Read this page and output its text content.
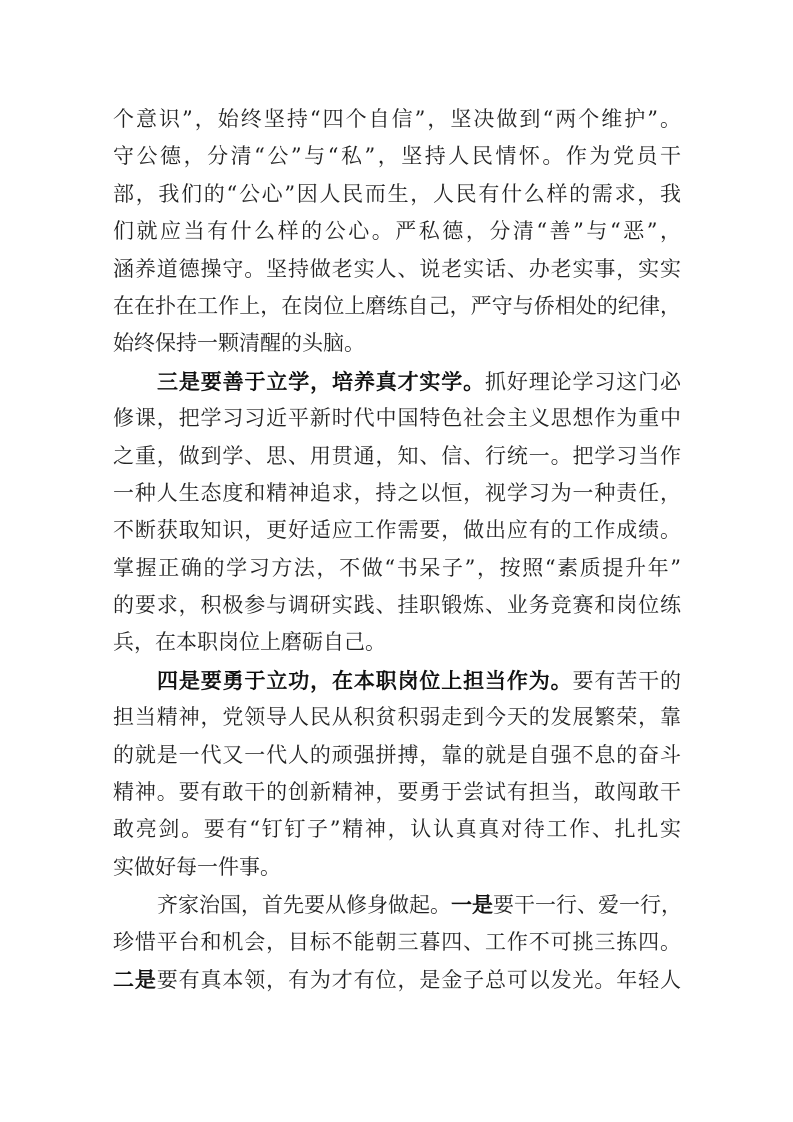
个意识”，始终坚持“四个自信”，坚决做到“两个维护”。
守公德，分清“公”与“私”，坚持人民情怀。作为党员干
部，我们的“公心”因人民而生，人民有什么样的需求，我
们就应当有什么样的公心。严私德，分清“善”与“恶”，
涵养道德操守。坚持做老实人、说老实话、办老实事，实实
在在扑在工作上，在岗位上磨练自己，严守与侨相处的纪律，
始终保持一颗清醒的头脑。
三是要善于立学，培养真才实学。抓好理论学习这门必
修课，把学习习近平新时代中国特色社会主义思想作为重中
之重，做到学、思、用贯通，知、信、行统一。把学习当作
一种人生态度和精神追求，持之以恒，视学习为一种责任，
不断获取知识，更好适应工作需要，做出应有的工作成绩。
掌握正确的学习方法，不做“书呆子”，按照“素质提升年”
的要求，积极参与调研实践、挂职锻炼、业务竞赛和岗位练
兵，在本职岗位上磨砺自己。
四是要勇于立功，在本职岗位上担当作为。要有苦干的
担当精神，党领导人民从积贫积弱走到今天的发展繁荣，靠
的就是一代又一代人的顽强拼搏，靠的就是自强不息的奋斗
精神。要有敢干的创新精神，要勇于尝试有担当，敢闯敢干
敢亮剑。要有“钉钉子”精神，认认真真对待工作、扎扎实
实做好每一件事。
齐家治国，首先要从修身做起。一是要干一行、爱一行，
珍惜平台和机会，目标不能朝三暮四、工作不可挑三拣四。
二是要有真本领，有为才有位，是金子总可以发光。年轻人
